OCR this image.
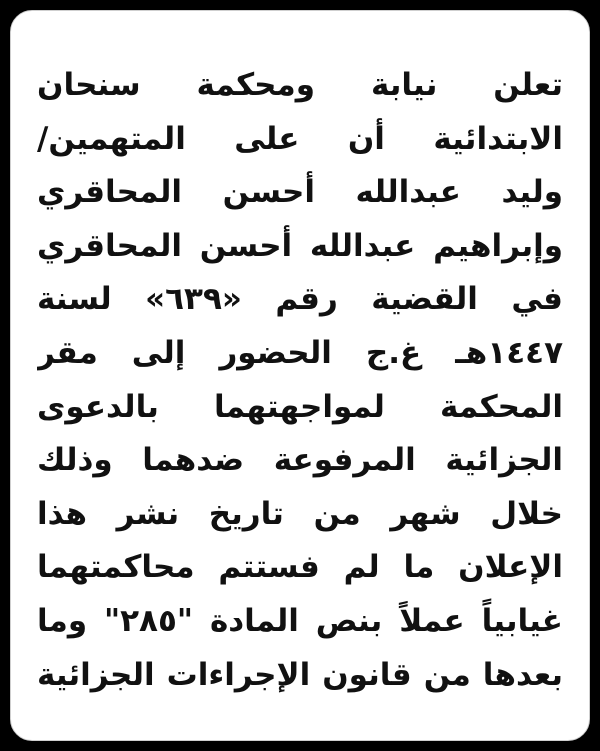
تعلن نيابة ومحكمة سنحان
الابتدائية أن على المتهمين/
وليد عبدالله أحسن المحاقري
وإبراهيم عبدالله أحسن المحاقري
في القضية رقم «٦٣٩» لسنة
١٤٤٧هـ غ.ج الحضور إلى مقر
المحكمة لمواجهتهما بالدعوى
الجزائية المرفوعة ضدهما وذلك
خلال شهر من تاريخ نشر هذا
الإعلان ما لم فستتم محاكمتهما
غيابياً عملاً بنص المادة "٢٨٥" وما
بعدها من قانون الإجراءات الجزائية
